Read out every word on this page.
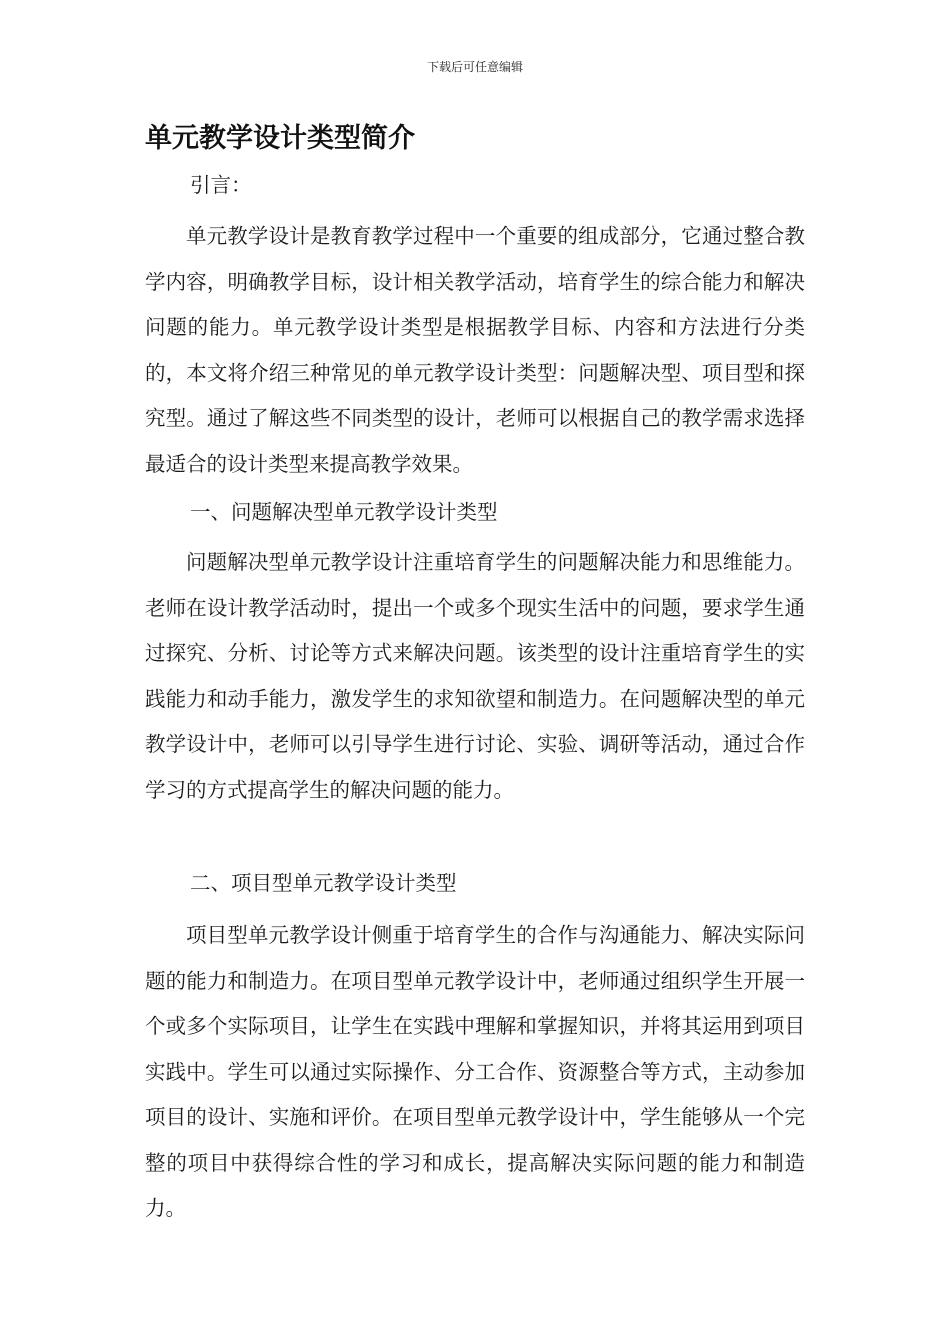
下载后可任意编辑
单元教学设计类型简介

引言：

单元教学设计是教育教学过程中一个重要的组成部分，它通过整合教学内容，明确教学目标，设计相关教学活动，培育学生的综合能力和解决问题的能力。单元教学设计类型是根据教学目标、内容和方法进行分类的，本文将介绍三种常见的单元教学设计类型：问题解决型、项目型和探究型。通过了解这些不同类型的设计，老师可以根据自己的教学需求选择最适合的设计类型来提高教学效果。

一、问题解决型单元教学设计类型

问题解决型单元教学设计注重培育学生的问题解决能力和思维能力。老师在设计教学活动时，提出一个或多个现实生活中的问题，要求学生通过探究、分析、讨论等方式来解决问题。该类型的设计注重培育学生的实践能力和动手能力，激发学生的求知欲望和制造力。在问题解决型的单元教学设计中，老师可以引导学生进行讨论、实验、调研等活动，通过合作学习的方式提高学生的解决问题的能力。

二、项目型单元教学设计类型

项目型单元教学设计侧重于培育学生的合作与沟通能力、解决实际问题的能力和制造力。在项目型单元教学设计中，老师通过组织学生开展一个或多个实际项目，让学生在实践中理解和掌握知识，并将其运用到项目实践中。学生可以通过实际操作、分工合作、资源整合等方式，主动参加项目的设计、实施和评价。在项目型单元教学设计中，学生能够从一个完整的项目中获得综合性的学习和成长，提高解决实际问题的能力和制造力。
